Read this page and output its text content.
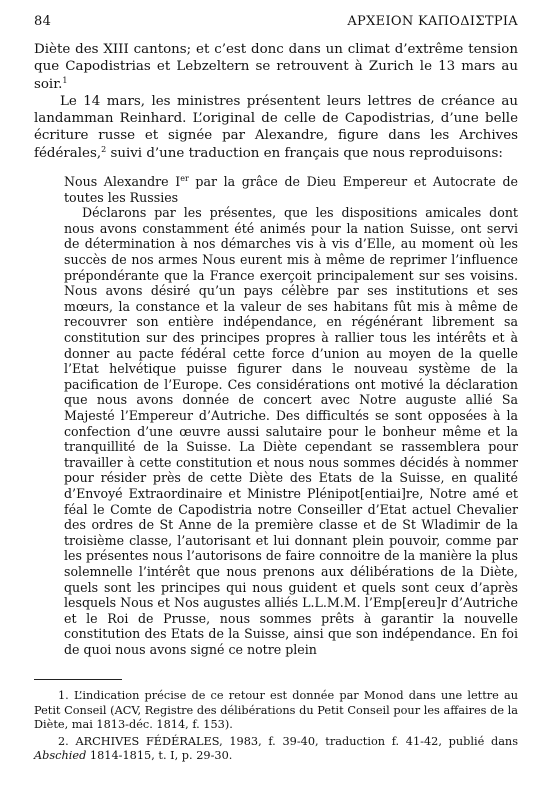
84	ΑΡΧΕΙΟΝ ΚΑΠΟΔΙΣΤΡΙΑ

Diète des XIII cantons; et c’est donc dans un climat d’extrême tension que Capodistrias et Lebzeltern se retrouvent à Zurich le 13 mars au soir.$^1$

Le 14 mars, les ministres présentent leurs lettres de créance au landamman Reinhard. L’original de celle de Capodistrias, d’une belle écriture russe et signée par Alexandre, figure dans les Archives fédérales,$^2$ suivi d’une traduction en français que nous reproduisons:

Nous Alexandre Ier par la grâce de Dieu Empereur et Autocrate de toutes les Russies

Déclarons par les présentes, que les dispositions amicales dont nous avons constamment été animés pour la nation Suisse, ont servi de détermination à nos démarches vis à vis d’Elle, au moment où les succès de nos armes Nous eurent mis à même de reprimer l’influence prépondérante que la France exerçoit principalement sur ses voisins. Nous avons désiré qu’un pays célèbre par ses institutions et ses mœurs, la constance et la valeur de ses habitans fût mis à même de recouvrer son entière indépendance, en régénérant librement sa constitution sur des principes propres à rallier tous les intérêts et à donner au pacte fédéral cette force d’union au moyen de la quelle l’Etat helvétique puisse figurer dans le nouveau système de la pacification de l’Europe. Ces considérations ont motivé la déclaration que nous avons donnée de concert avec Notre auguste allié Sa Majesté l’Empereur d’Autriche. Des difficultés se sont opposées à la confection d’une œuvre aussi salutaire pour le bonheur même et la tranquillité de la Suisse. La Diète cependant se rassemblera pour travailler à cette constitution et nous nous sommes décidés à nommer pour résider près de cette Diète des Etats de la Suisse, en qualité d’Envoyé Extraordinaire et Ministre Plénipot[entiai]re, Notre amé et féal le Comte de Capodistria notre Conseiller d’Etat actuel Chevalier des ordres de St Anne de la première classe et de St Wladimir de la troisième classe, l’autorisant et lui donnant plein pouvoir, comme par les présentes nous l’autorisons de faire connoitre de la manière la plus solemnelle l’intérêt que nous prenons aux délibérations de la Diète, quels sont les principes qui nous guident et quels sont ceux d’après lesquels Nous et Nos augustes alliés L.L.M.M. l’Emp[ereu]r d’Autriche et le Roi de Prusse, nous sommes prêts à garantir la nouvelle constitution des Etats de la Suisse, ainsi que son indépendance. En foi de quoi nous avons signé ce notre plein

1. L’indication précise de ce retour est donnée par Monod dans une lettre au Petit Conseil (ACV, Registre des délibérations du Petit Conseil pour les affaires de la Diète, mai 1813-déc. 1814, f. 153).

2. ARCHIVES FÉDÉRALES, 1983, f. 39-40, traduction f. 41-42, publié dans Abschied 1814-1815, t. I, p. 29-30.
